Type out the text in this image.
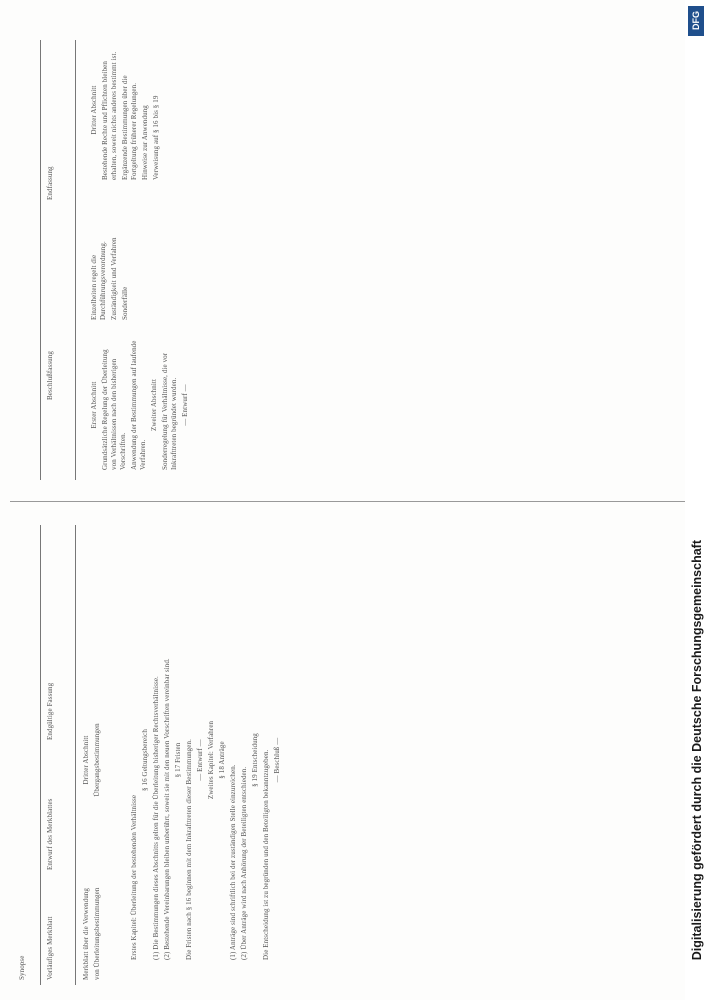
Synopse	Vorläufiges Merkblatt
Entwurf des Merkblattes
Endgültige Fassung

Merkblatt über die Verwendung von Überleitungsbestimmungen

Dritter Abschnitt Übergangsbestimmungen

Erstes Kapitel: Überleitung der bestehenden Verhältnisse

§ 16 Geltungsbereich (1) Die Bestimmungen dieses Abschnitts gelten für die Überleitung bisheriger Rechtsverhältnisse. (2) Bestehende Vereinbarungen bleiben unberührt, soweit sie mit den neuen Vorschriften vereinbar sind. § 17 Fristen Die Fristen nach § 16 beginnen mit dem Inkrafttreten dieser Bestimmungen. — Entwurf — Zweites Kapitel: Verfahren § 18 Anträge

(1) Anträge sind schriftlich bei der zuständigen Stelle einzureichen. (2) Über Anträge wird nach Anhörung der Beteiligten entschieden.

§ 19 Entscheidung Die Entscheidung ist zu begründen und den Beteiligten bekanntzugeben. — Beschluß —

Beschlußfassung
Endfassung

Erster Abschnitt Grundsätzliche Regelung der Überleitung von Verhältnissen nach den bisherigen Vorschriften. Anwendung der Bestimmungen auf laufende Verfahren.

Zweiter Abschnitt Sonderregelung für Verhältnisse, die vor Inkrafttreten begründet wurden. — Entwurf —

Einzelheiten regelt die Durchführungsverordnung. Zuständigkeit und Verfahren Sonderfälle

Dritter Abschnitt Bestehende Rechte und Pflichten bleiben erhalten, soweit nichts anderes bestimmt ist. Ergänzende Bestimmungen über die Fortgeltung früherer Regelungen. Hinweise zur Anwendung Verweisung auf § 16 bis § 19

DFG
Digitalisierung gefördert durch die Deutsche Forschungsgemeinschaft
